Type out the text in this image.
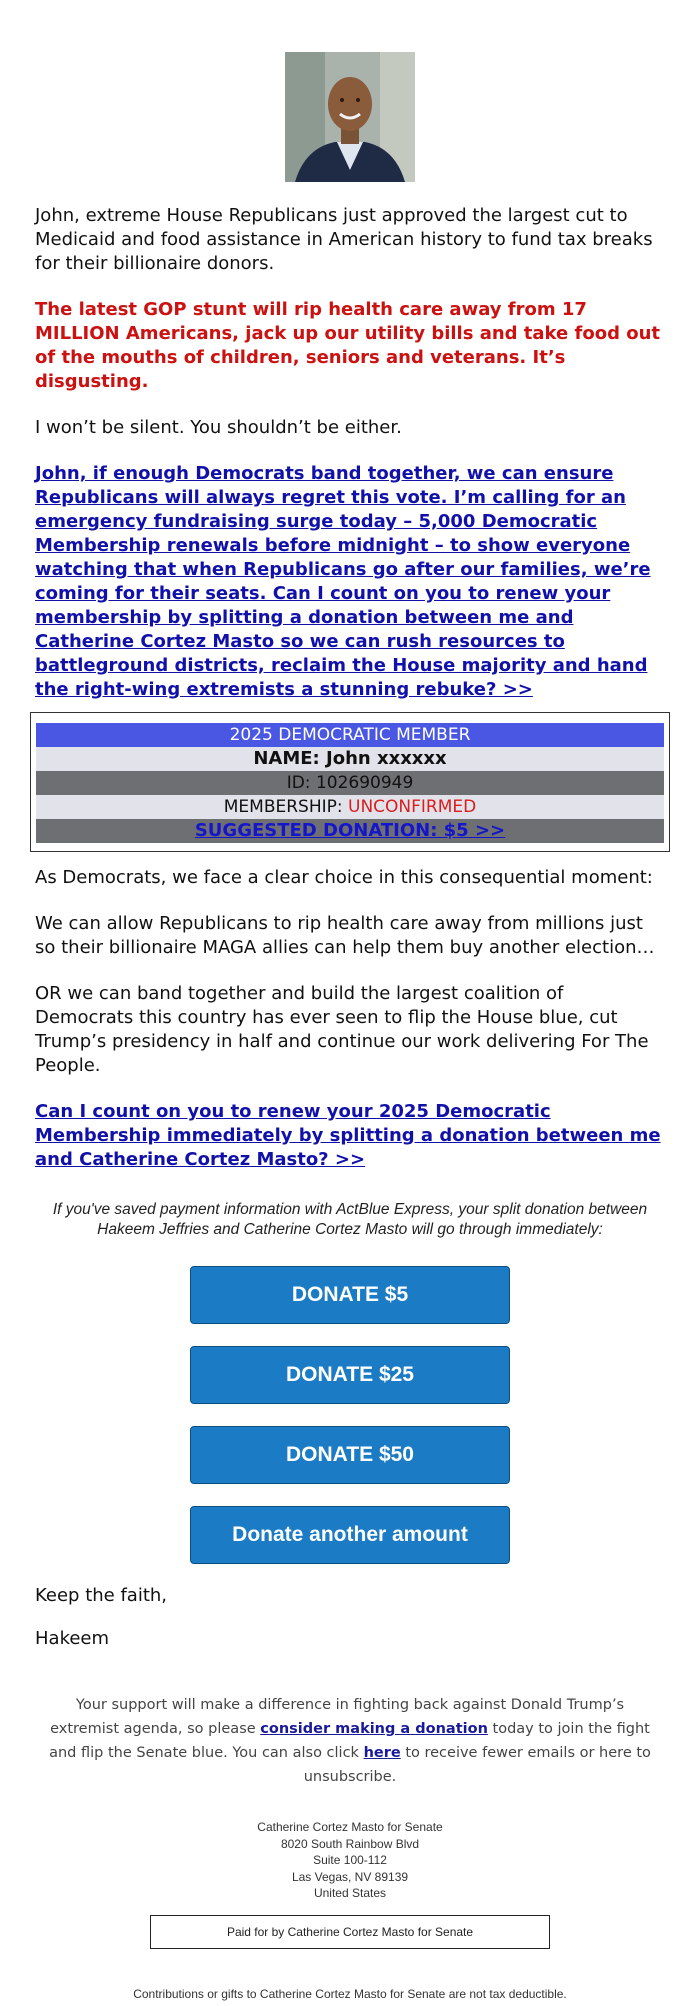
John, extreme House Republicans just approved the largest cut to Medicaid and food assistance in American history to fund tax breaks for their billionaire donors.

The latest GOP stunt will rip health care away from 17 MILLION Americans, jack up our utility bills and take food out of the mouths of children, seniors and veterans. It’s disgusting.

I won’t be silent. You shouldn’t be either.

John, if enough Democrats band together, we can ensure Republicans will always regret this vote. I’m calling for an emergency fundraising surge today – 5,000 Democratic Membership renewals before midnight – to show everyone watching that when Republicans go after our families, we’re coming for their seats. Can I count on you to renew your membership by splitting a donation between me and Catherine Cortez Masto so we can rush resources to battleground districts, reclaim the House majority and hand the right-wing extremists a stunning rebuke? >>

2025 DEMOCRATIC MEMBER
NAME: John xxxxxx
ID: 102690949
MEMBERSHIP: UNCONFIRMED
SUGGESTED DONATION: $5 >>

As Democrats, we face a clear choice in this consequential moment:

We can allow Republicans to rip health care away from millions just so their billionaire MAGA allies can help them buy another election…

OR we can band together and build the largest coalition of Democrats this country has ever seen to flip the House blue, cut Trump’s presidency in half and continue our work delivering For The People.

Can I count on you to renew your 2025 Democratic Membership immediately by splitting a donation between me and Catherine Cortez Masto? >>

If you've saved payment information with ActBlue Express, your split donation between Hakeem Jeffries and Catherine Cortez Masto will go through immediately:

DONATE $5
DONATE $25
DONATE $50
Donate another amount

Keep the faith,

Hakeem

Your support will make a difference in fighting back against Donald Trump’s extremist agenda, so please consider making a donation today to join the fight and flip the Senate blue. You can also click here to receive fewer emails or here to unsubscribe.

Catherine Cortez Masto for Senate
8020 South Rainbow Blvd
Suite 100-112
Las Vegas, NV 89139
United States
Paid for by Catherine Cortez Masto for Senate
Contributions or gifts to Catherine Cortez Masto for Senate are not tax deductible.
